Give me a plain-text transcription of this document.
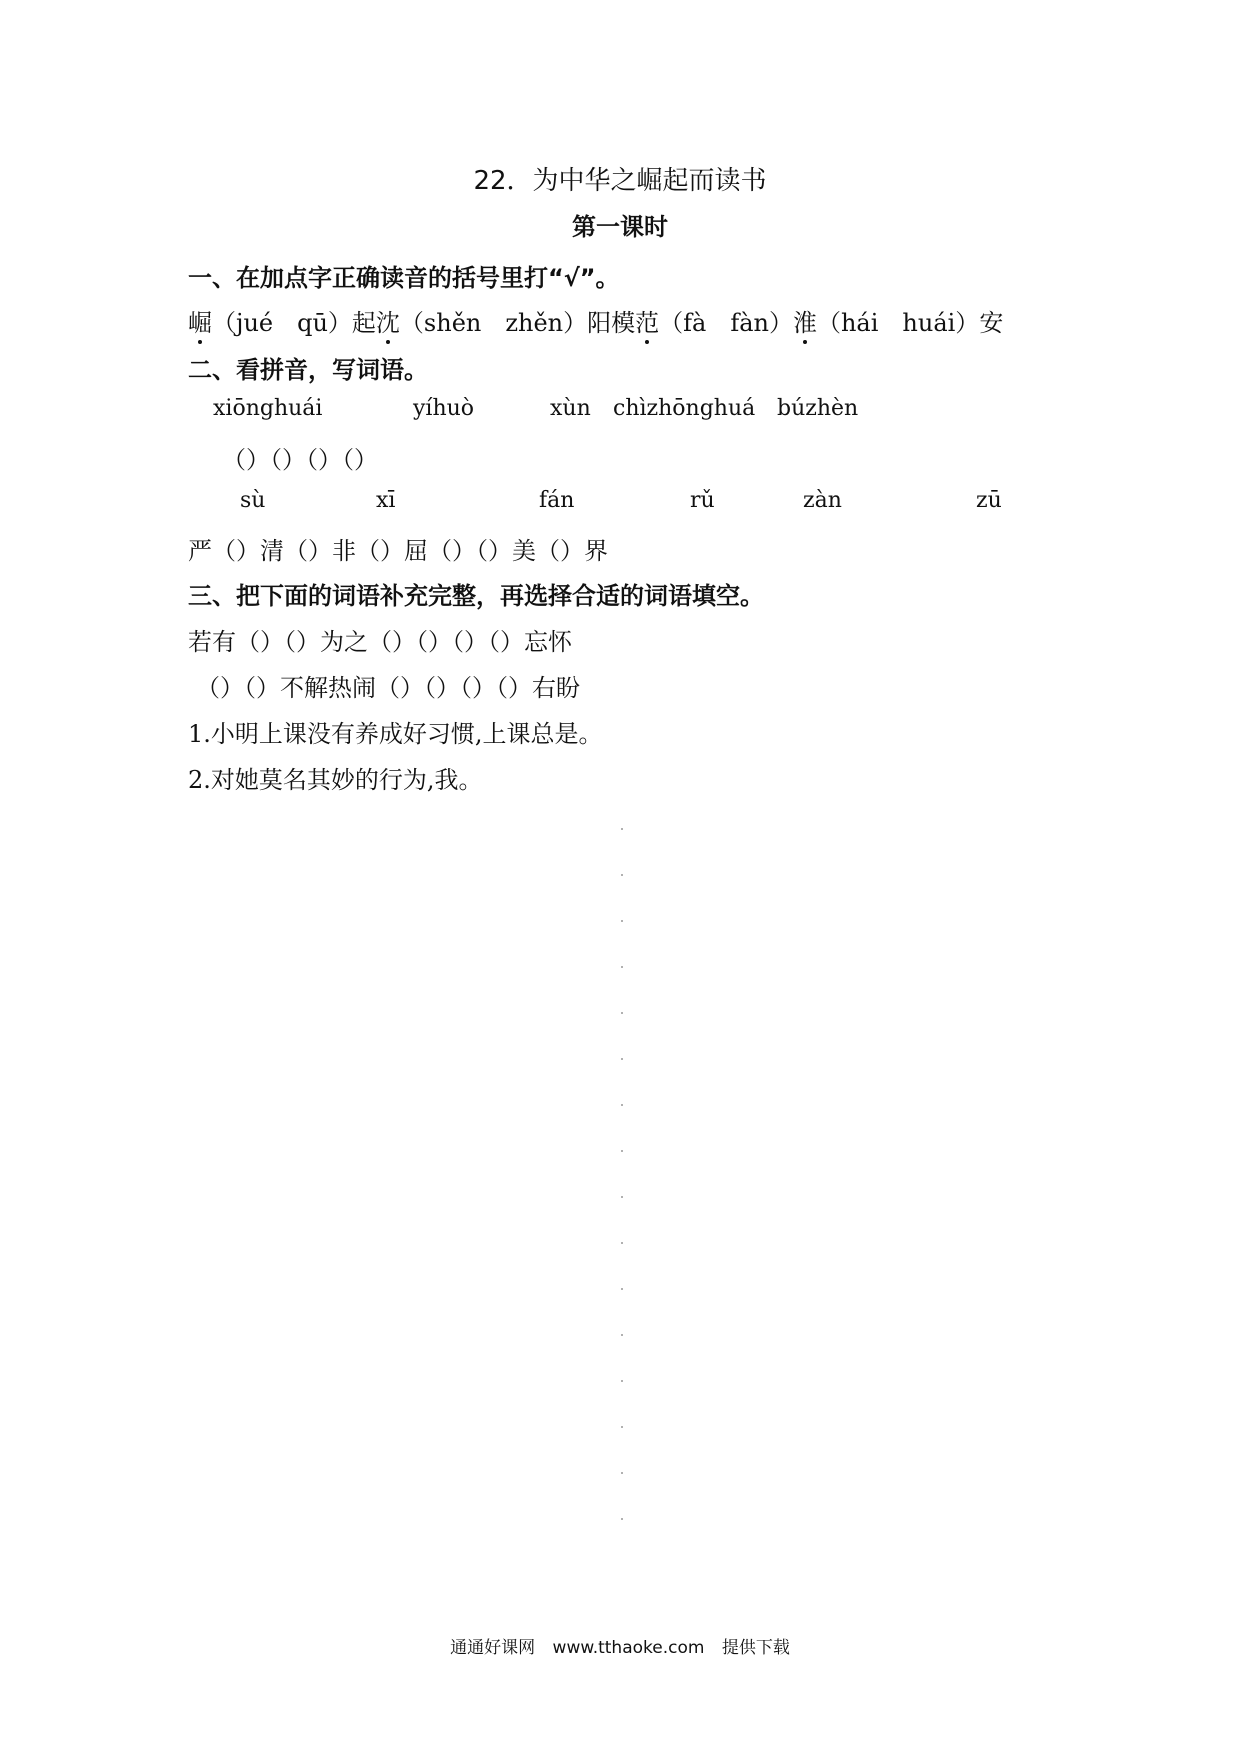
22．为中华之崛起而读书
第一课时
一、在加点字正确读音的括号里打“√”。
崛（jué　qū）起沈（shěn　zhěn）阳模范（fà　fàn）淮（hái　huái）安
二、看拼音，写词语。
xiōnghuái	yíhuò	xùn chìzhōnghuá búzhèn
（）（）（）（）
sù	xī	fán	rǔ	zàn	zū
严（）清（）非（）屈（）（）美（）界
三、把下面的词语补充完整，再选择合适的词语填空。
若有（）（）为之（）（）（）（）忘怀
（）（）不解热闹（）（）（）（）右盼
1.小明上课没有养成好习惯,上课总是。
2.对她莫名其妙的行为,我。
通通好课网 www.tthaoke.com 提供下载
